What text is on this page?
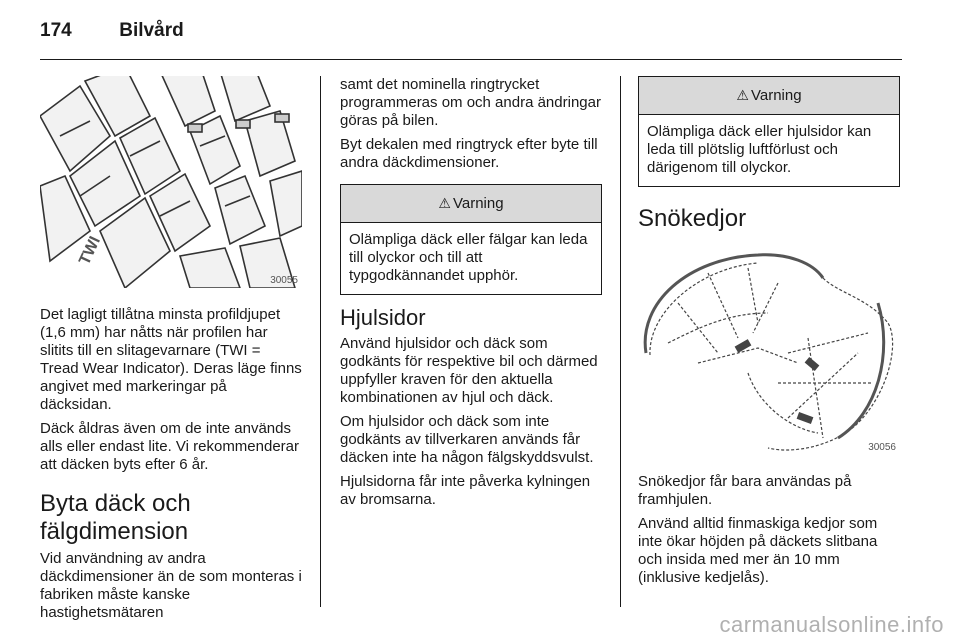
174	Bilvård
TWI
30055

Det lagligt tillåtna minsta profildjupet (1,6 mm) har nåtts när profilen har slitits till en slitagevarnare (TWI = Tread Wear Indicator). Deras läge finns angivet med markeringar på däcksidan.

Däck åldras även om de inte används alls eller endast lite. Vi rekommenderar att däcken byts efter 6 år.

Byta däck och fälgdimension

Vid användning av andra däckdimensioner än de som monteras i fabriken måste kanske hastighetsmätaren

samt det nominella ringtrycket programmeras om och andra ändringar göras på bilen.

Byt dekalen med ringtryck efter byte till andra däckdimensioner.

⚠ Varning
Olämpliga däck eller fälgar kan leda till olyckor och till att typgodkännandet upphör.
Hjulsidor

Använd hjulsidor och däck som godkänts för respektive bil och därmed uppfyller kraven för den aktuella kombinationen av hjul och däck.

Om hjulsidor och däck som inte godkänts av tillverkaren används får däcken inte ha någon fälgskyddsvulst.

Hjulsidorna får inte påverka kylningen av bromsarna.

⚠ Varning
Olämpliga däck eller hjulsidor kan leda till plötslig luftförlust och därigenom till olyckor.
Snökedjor
30056

Snökedjor får bara användas på framhjulen.

Använd alltid finmaskiga kedjor som inte ökar höjden på däckets slitbana och insida med mer än 10 mm (inklusive kedjelås).

carmanualsonline.info
